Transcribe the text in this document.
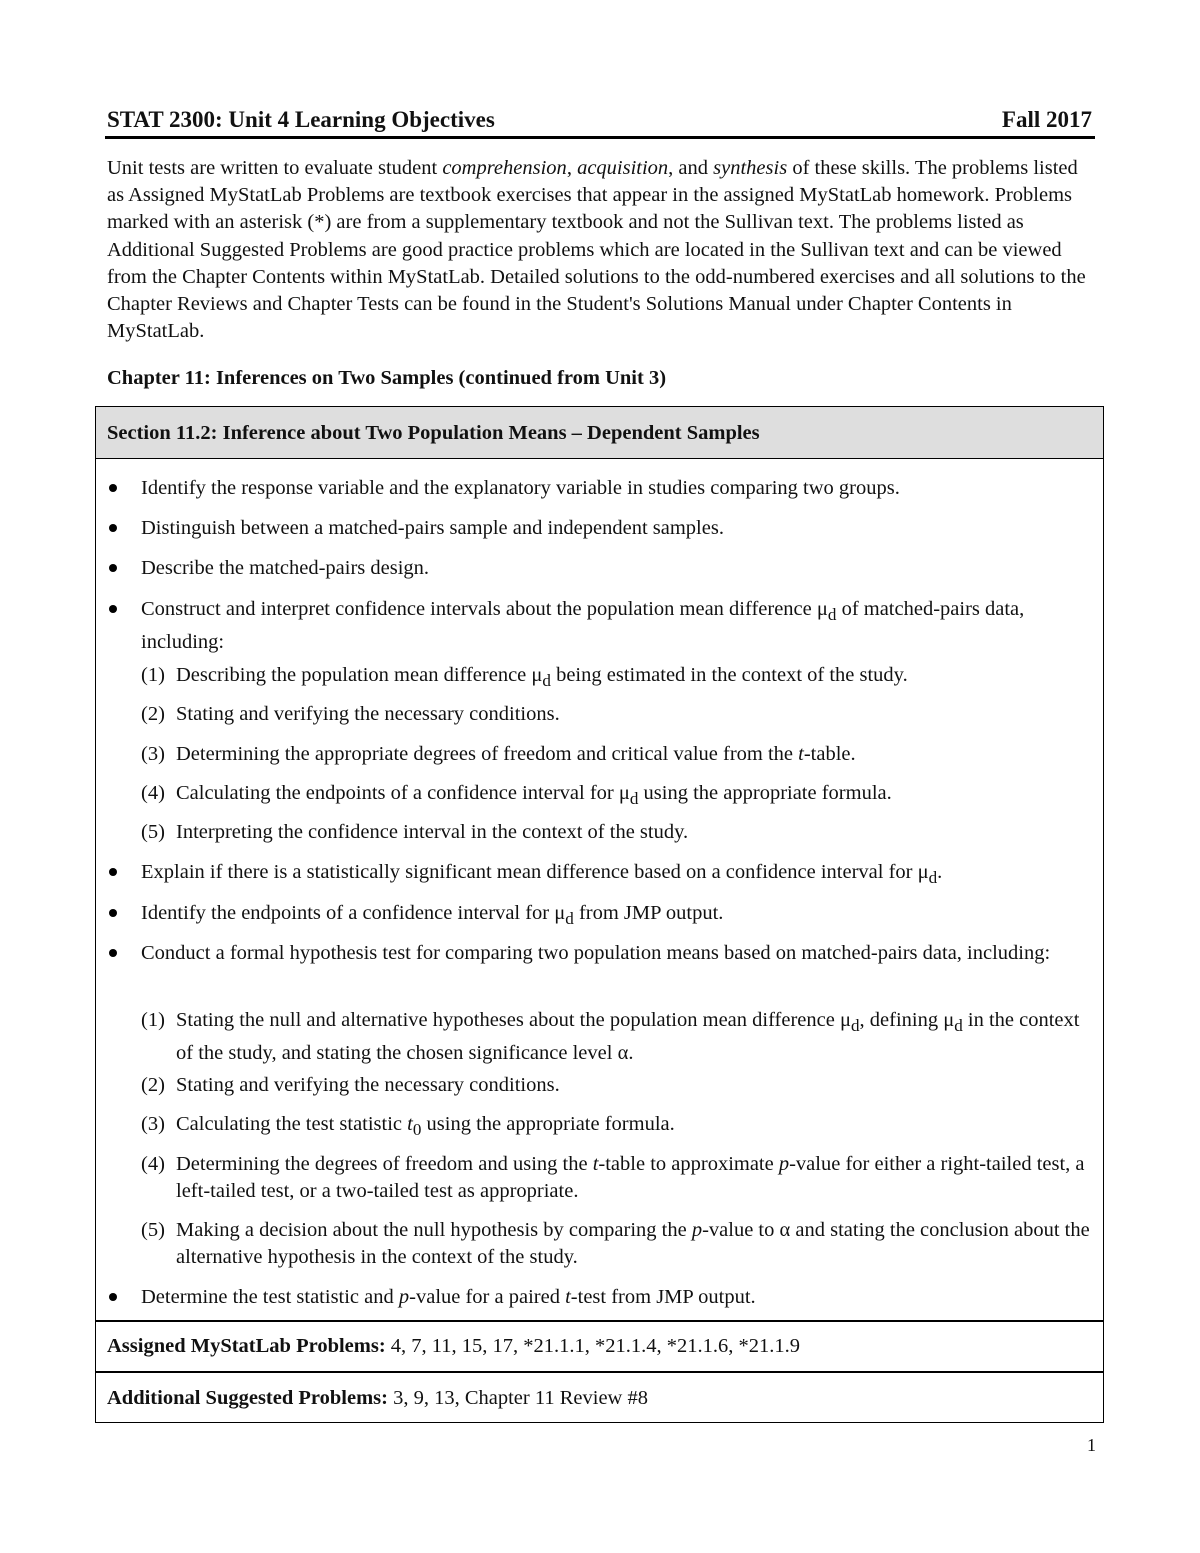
STAT 2300: Unit 4 Learning Objectives	Fall 2017
Unit tests are written to evaluate student comprehension, acquisition, and synthesis of these skills. The problems listed as Assigned MyStatLab Problems are textbook exercises that appear in the assigned MyStatLab homework. Problems marked with an asterisk (*) are from a supplementary textbook and not the Sullivan text. The problems listed as Additional Suggested Problems are good practice problems which are located in the Sullivan text and can be viewed from the Chapter Contents within MyStatLab. Detailed solutions to the odd-numbered exercises and all solutions to the Chapter Reviews and Chapter Tests can be found in the Student's Solutions Manual under Chapter Contents in MyStatLab.
Chapter 11: Inferences on Two Samples (continued from Unit 3)
Section 11.2: Inference about Two Population Means – Dependent Samples
Identify the response variable and the explanatory variable in studies comparing two groups.
Distinguish between a matched-pairs sample and independent samples.
Describe the matched-pairs design.
Construct and interpret confidence intervals about the population mean difference $\mu_d$ of matched-pairs data, including:
(1) Describing the population mean difference $\mu_d$ being estimated in the context of the study.
(2) Stating and verifying the necessary conditions.
(3) Determining the appropriate degrees of freedom and critical value from the t-table.
(4) Calculating the endpoints of a confidence interval for $\mu_d$ using the appropriate formula.
(5) Interpreting the confidence interval in the context of the study.
Explain if there is a statistically significant mean difference based on a confidence interval for $\mu_d$.
Identify the endpoints of a confidence interval for $\mu_d$ from JMP output.
Conduct a formal hypothesis test for comparing two population means based on matched-pairs data, including:
(1) Stating the null and alternative hypotheses about the population mean difference $\mu_d$, defining $\mu_d$ in the context of the study, and stating the chosen significance level α.
(2) Stating and verifying the necessary conditions.
(3) Calculating the test statistic $t_0$ using the appropriate formula.
(4) Determining the degrees of freedom and using the t-table to approximate p-value for either a right-tailed test, a left-tailed test, or a two-tailed test as appropriate.
(5) Making a decision about the null hypothesis by comparing the p-value to α and stating the conclusion about the alternative hypothesis in the context of the study.
Determine the test statistic and p-value for a paired t-test from JMP output.
Assigned MyStatLab Problems: 4, 7, 11, 15, 17, *21.1.1, *21.1.4, *21.1.6, *21.1.9
Additional Suggested Problems: 3, 9, 13, Chapter 11 Review #8
1
